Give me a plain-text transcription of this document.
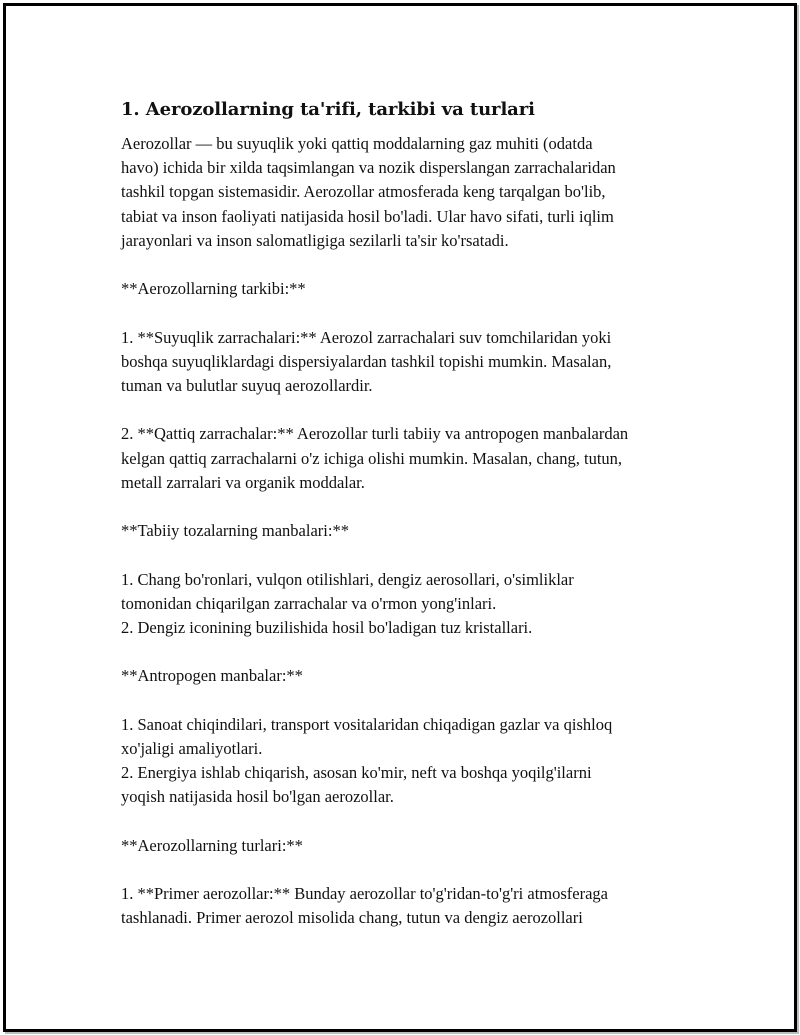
1. Aerozollarning ta'rifi, tarkibi va turlari

Aerozollar — bu suyuqlik yoki qattiq moddalarning gaz muhiti (odatda
havo) ichida bir xilda taqsimlangan va nozik disperslangan zarrachalaridan
tashkil topgan sistemasidir. Aerozollar atmosferada keng tarqalgan bo'lib,
tabiat va inson faoliyati natijasida hosil bo'ladi. Ular havo sifati, turli iqlim
jarayonlari va inson salomatligiga sezilarli ta'sir ko'rsatadi.

**Aerozollarning tarkibi:**

1. **Suyuqlik zarrachalari:** Aerozol zarrachalari suv tomchilaridan yoki
boshqa suyuqliklardagi dispersiyalardan tashkil topishi mumkin. Masalan,
tuman va bulutlar suyuq aerozollardir.

2. **Qattiq zarrachalar:** Aerozollar turli tabiiy va antropogen manbalardan
kelgan qattiq zarrachalarni o'z ichiga olishi mumkin. Masalan, chang, tutun,
metall zarralari va organik moddalar.

**Tabiiy tozalarning manbalari:**

1. Chang bo'ronlari, vulqon otilishlari, dengiz aerosollari, o'simliklar
tomonidan chiqarilgan zarrachalar va o'rmon yong'inlari.
2. Dengiz iconining buzilishida hosil bo'ladigan tuz kristallari.

**Antropogen manbalar:**

1. Sanoat chiqindilari, transport vositalaridan chiqadigan gazlar va qishloq
xo'jaligi amaliyotlari.
2. Energiya ishlab chiqarish, asosan ko'mir, neft va boshqa yoqilg'ilarni
yoqish natijasida hosil bo'lgan aerozollar.

**Aerozollarning turlari:**

1. **Primer aerozollar:** Bunday aerozollar to'g'ridan-to'g'ri atmosferaga
tashlanadi. Primer aerozol misolida chang, tutun va dengiz aerozollari
